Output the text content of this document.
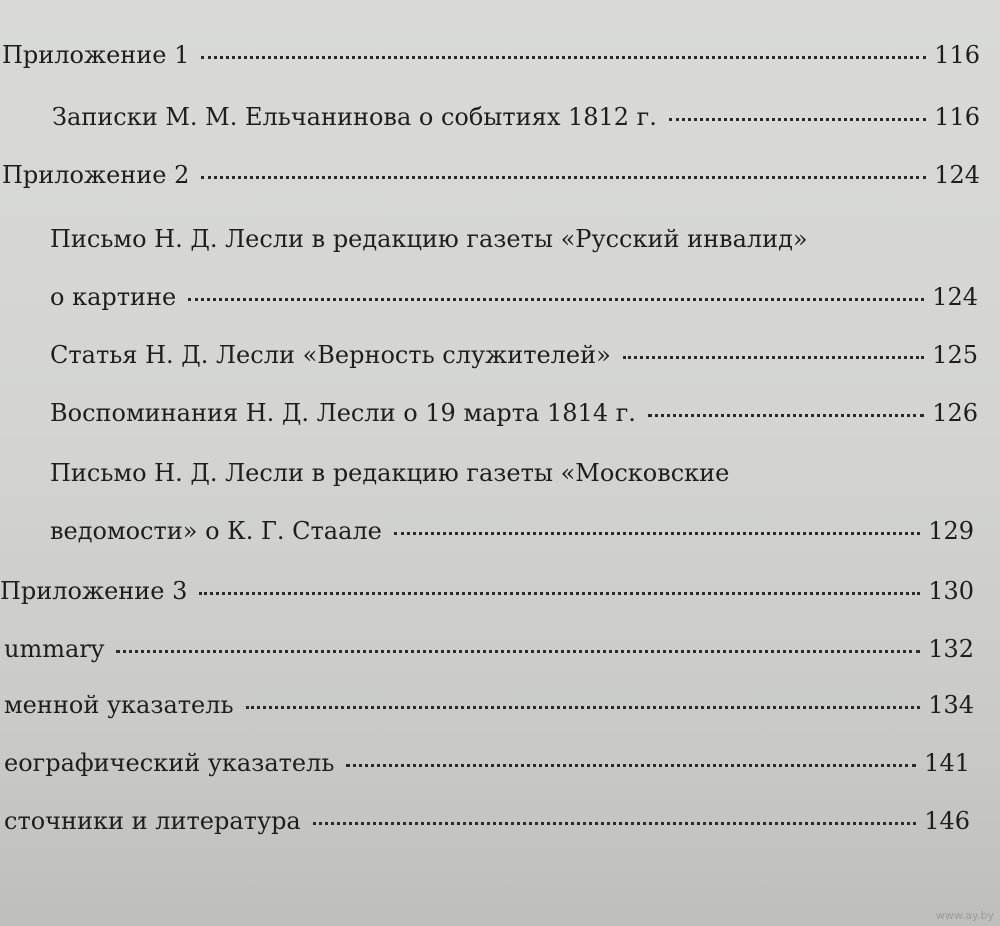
Приложение 1	116
Записки М. М. Ельчанинова о событиях 1812 г.	116
Приложение 2	124
Письмо Н. Д. Лесли в редакцию газеты «Русский инвалид»
о картине	124
Статья Н. Д. Лесли «Верность служителей»	125
Воспоминания Н. Д. Лесли о 19 марта 1814 г.	126
Письмо Н. Д. Лесли в редакцию газеты «Московские
ведомости» о К. Г. Стаале	129
Приложение 3	130
ummary	132
менной указатель	134
еографический указатель	141
сточники и литература	146
www.ay.by
